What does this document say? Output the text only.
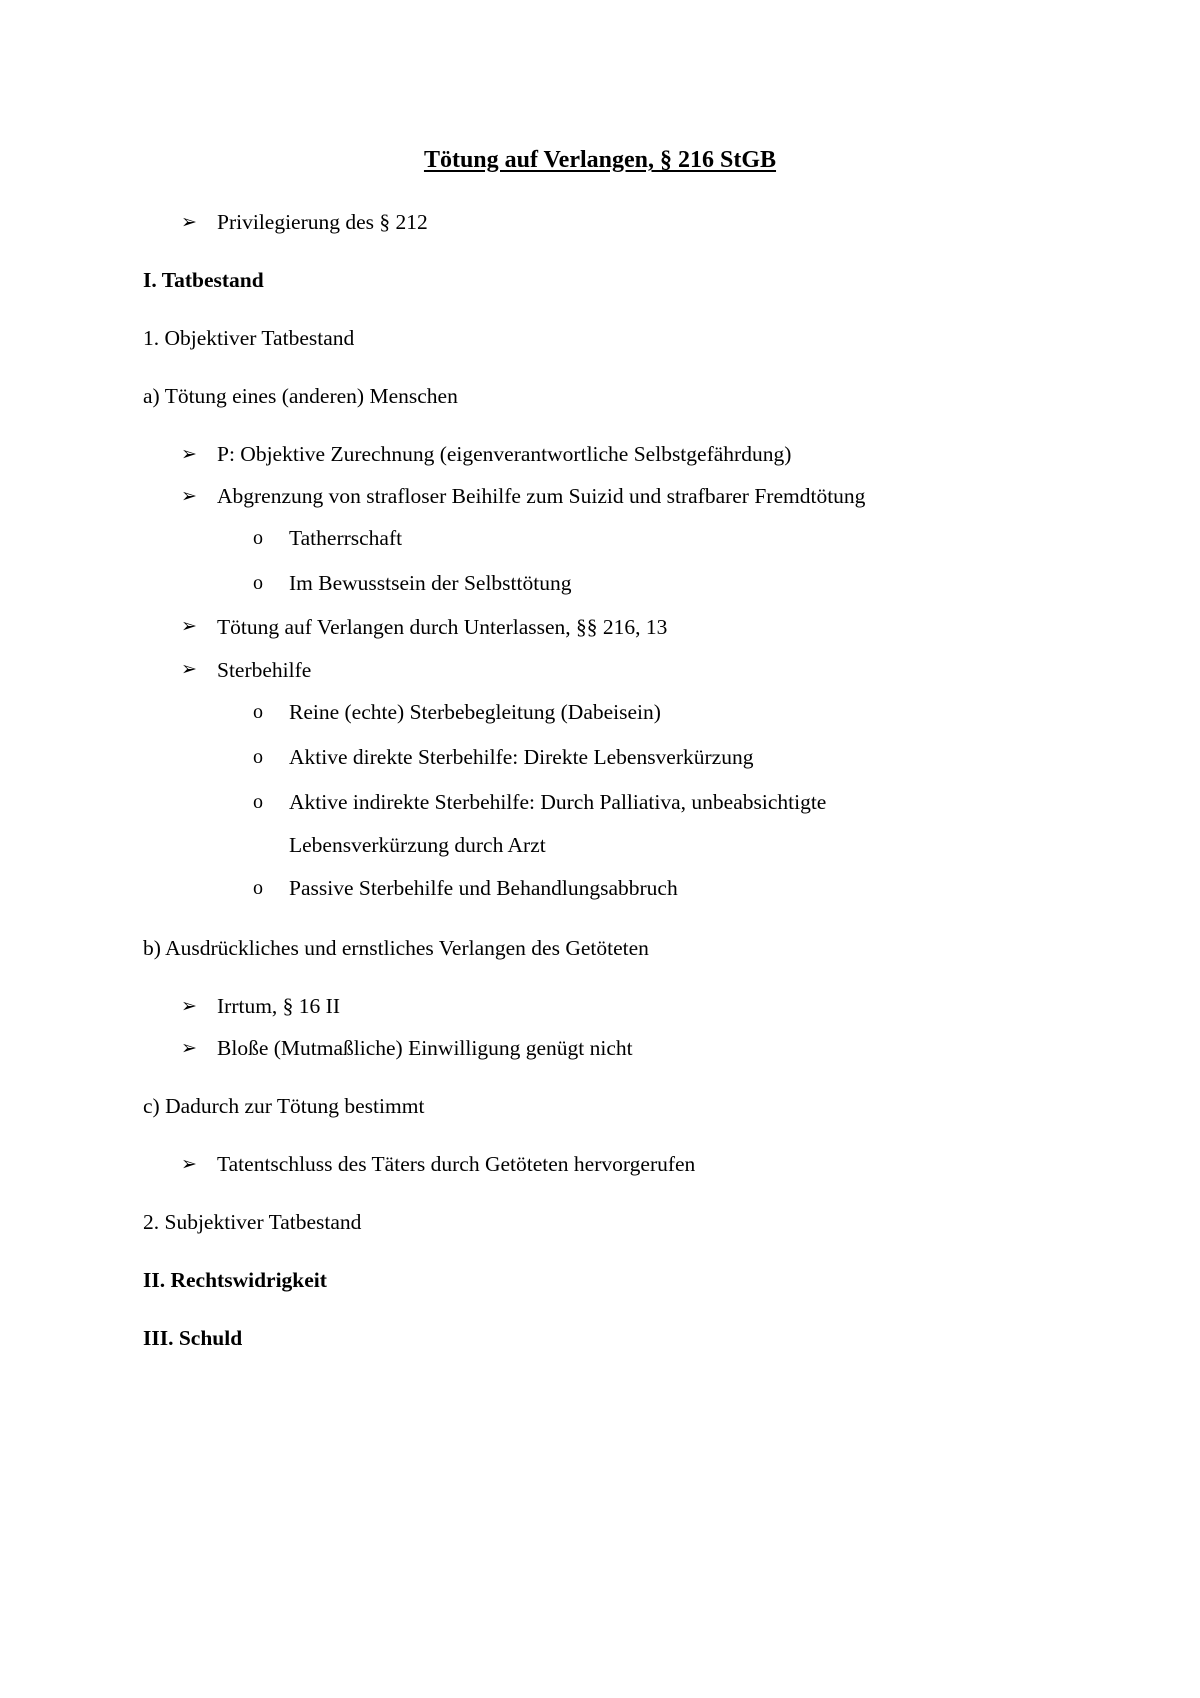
Tötung auf Verlangen, § 216 StGB
➢ Privilegierung des § 212
I. Tatbestand
1. Objektiver Tatbestand
a) Tötung eines (anderen) Menschen
➢ P: Objektive Zurechnung (eigenverantwortliche Selbstgefährdung)
➢ Abgrenzung von strafloser Beihilfe zum Suizid und strafbarer Fremdtötung
o Tatherrschaft
o Im Bewusstsein der Selbsttötung
➢ Tötung auf Verlangen durch Unterlassen, §§ 216, 13
➢ Sterbehilfe
o Reine (echte) Sterbebegleitung (Dabeisein)
o Aktive direkte Sterbehilfe: Direkte Lebensverkürzung
o Aktive indirekte Sterbehilfe: Durch Palliativa, unbeabsichtigte
Lebensverkürzung durch Arzt
o Passive Sterbehilfe und Behandlungsabbruch
b) Ausdrückliches und ernstliches Verlangen des Getöteten
➢ Irrtum, § 16 II
➢ Bloße (Mutmaßliche) Einwilligung genügt nicht
c) Dadurch zur Tötung bestimmt
➢ Tatentschluss des Täters durch Getöteten hervorgerufen
2. Subjektiver Tatbestand
II. Rechtswidrigkeit
III. Schuld
